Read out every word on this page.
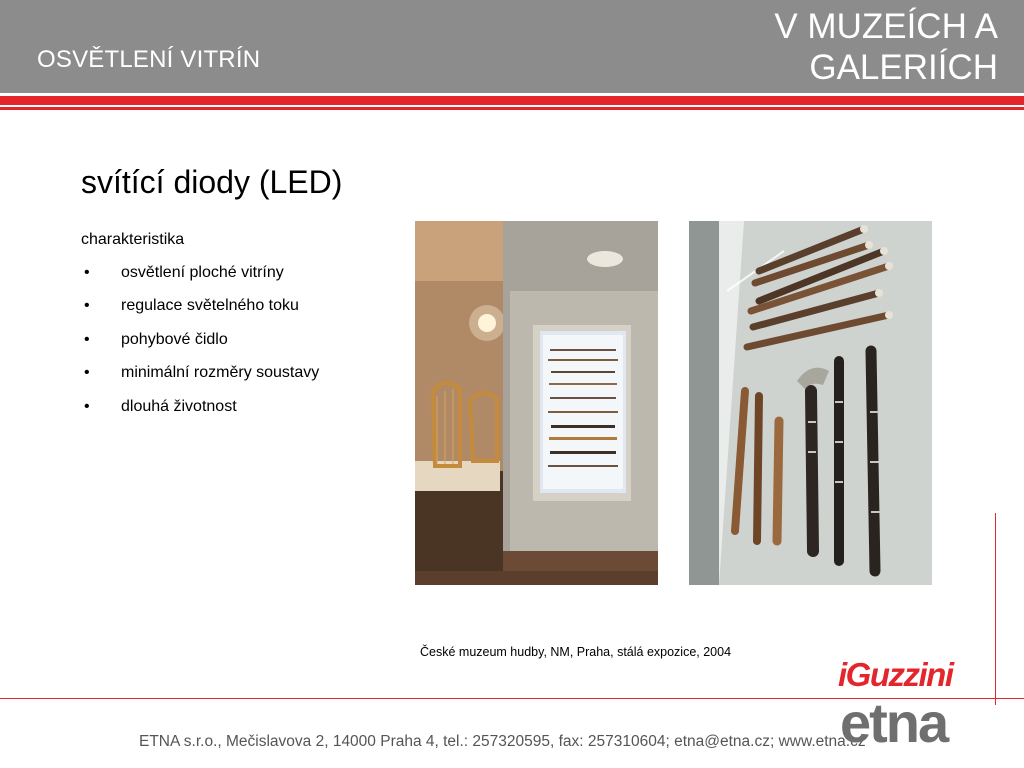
OSVĚTLENÍ VITRÍN
V MUZEÍCH A
GALERIÍCH
svítící diody (LED)
charakteristika
•	osvětlení ploché vitríny
•	regulace světelného toku
•	pohybové čidlo
•	minimální rozměry soustavy
•	dlouhá životnost
České muzeum hudby, NM, Praha, stálá expozice, 2004
ETNA s.r.o., Mečislavova 2, 14000 Praha 4, tel.: 257320595, fax: 257310604; etna@etna.cz; www.etna.cz
iGuzzini
etna
